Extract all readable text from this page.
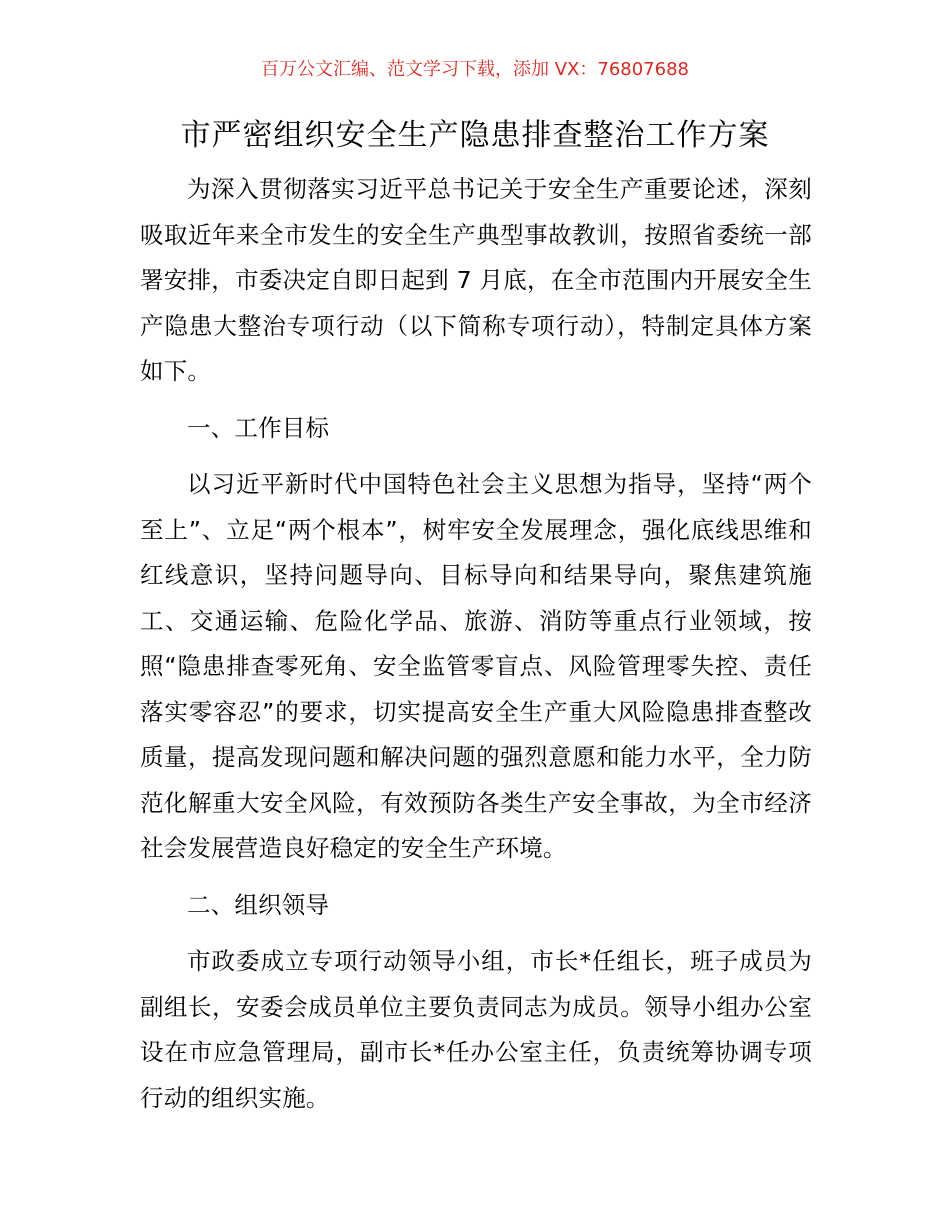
百万公文汇编、范文学习下载，添加 VX：76807688
市严密组织安全生产隐患排查整治工作方案

为深入贯彻落实习近平总书记关于安全生产重要论述，深刻吸取近年来全市发生的安全生产典型事故教训，按照省委统一部署安排，市委决定自即日起到 7 月底，在全市范围内开展安全生产隐患大整治专项行动（以下简称专项行动），特制定具体方案如下。

一、工作目标

以习近平新时代中国特色社会主义思想为指导，坚持“两个至上”、立足“两个根本”，树牢安全发展理念，强化底线思维和红线意识，坚持问题导向、目标导向和结果导向，聚焦建筑施工、交通运输、危险化学品、旅游、消防等重点行业领域，按照“隐患排查零死角、安全监管零盲点、风险管理零失控、责任落实零容忍”的要求，切实提高安全生产重大风险隐患排查整改质量，提高发现问题和解决问题的强烈意愿和能力水平，全力防范化解重大安全风险，有效预防各类生产安全事故，为全市经济社会发展营造良好稳定的安全生产环境。

二、组织领导

市政委成立专项行动领导小组，市长*任组长，班子成员为副组长，安委会成员单位主要负责同志为成员。领导小组办公室设在市应急管理局，副市长*任办公室主任，负责统筹协调专项行动的组织实施。
